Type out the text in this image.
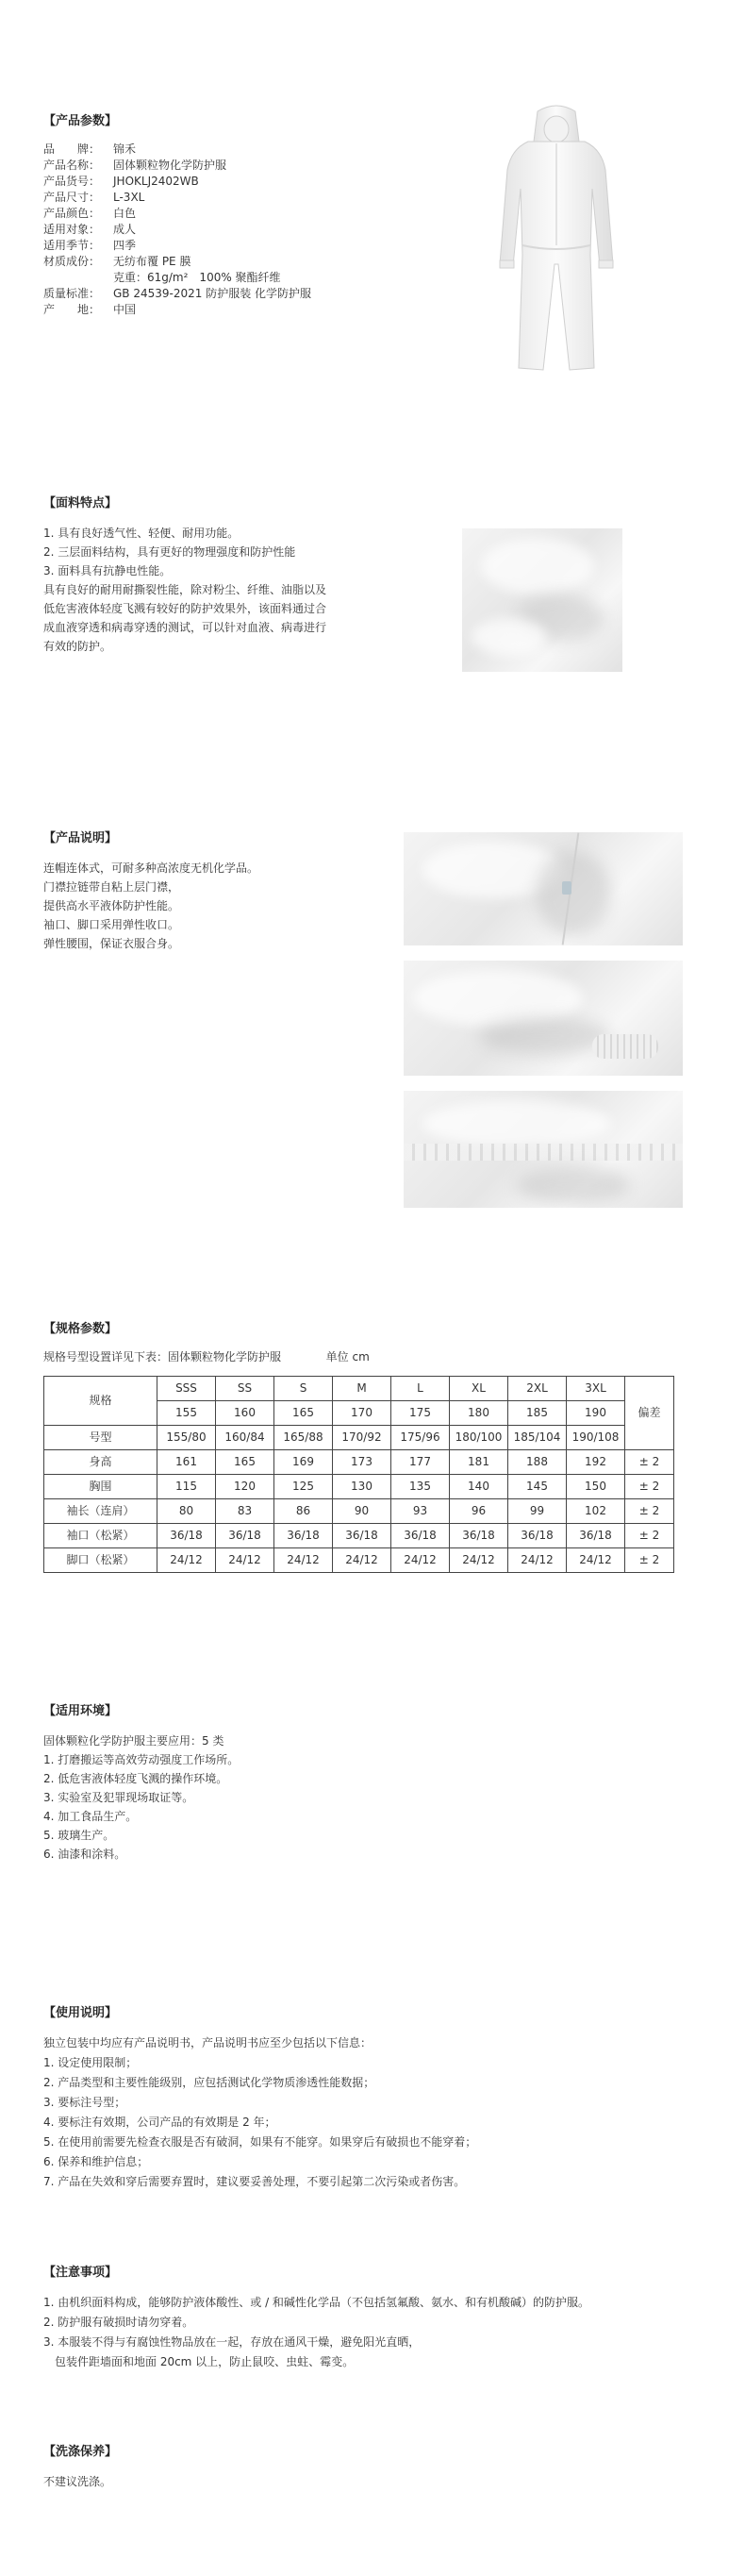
【产品参数】
品　　牌：	锦禾
产品名称：	固体颗粒物化学防护服
产品货号：	JHOKLJ2402WB
产品尺寸：	L-3XL
产品颜色：	白色
适用对象：	成人
适用季节：	四季
材质成份：	无纺布覆 PE 膜
克重：61g/m²　100% 聚酯纤维
质量标准：	GB 24539-2021 防护服装 化学防护服
产　　地：	中国
【面料特点】
1. 具有良好透气性、轻便、耐用功能。
2. 三层面料结构，具有更好的物理强度和防护性能
3. 面料具有抗静电性能。
具有良好的耐用耐撕裂性能，除对粉尘、纤维、油脂以及
低危害液体轻度飞溅有较好的防护效果外，该面料通过合
成血液穿透和病毒穿透的测试，可以针对血液、病毒进行
有效的防护。
【产品说明】
连帽连体式，可耐多种高浓度无机化学品。
门襟拉链带自粘上层门襟，
提供高水平液体防护性能。
袖口、脚口采用弹性收口。
弹性腰围，保证衣服合身。
【规格参数】
规格号型设置详见下表：固体颗粒物化学防护服	单位 cm
规格	SSS	SS	S	M	L	XL	2XL	3XL	偏差
	155	160	165	170	175	180	185	190	
号型	155/80	160/84	165/88	170/92	175/96	180/100	185/104	190/108	
身高	161	165	169	173	177	181	188	192	± 2
胸围	115	120	125	130	135	140	145	150	± 2
袖长（连肩）	80	83	86	90	93	96	99	102	± 2
袖口（松紧）	36/18	36/18	36/18	36/18	36/18	36/18	36/18	36/18	± 2
脚口（松紧）	24/12	24/12	24/12	24/12	24/12	24/12	24/12	24/12	± 2
【适用环境】
固体颗粒化学防护服主要应用：5 类
1. 打磨搬运等高效劳动强度工作场所。
2. 低危害液体轻度飞溅的操作环境。
3. 实验室及犯罪现场取证等。
4. 加工食品生产。
5. 玻璃生产。
6. 油漆和涂料。
【使用说明】
独立包装中均应有产品说明书，产品说明书应至少包括以下信息：
1. 设定使用限制；
2. 产品类型和主要性能级别，应包括测试化学物质渗透性能数据；
3. 要标注号型；
4. 要标注有效期，公司产品的有效期是 2 年；
5. 在使用前需要先检查衣服是否有破洞，如果有不能穿。如果穿后有破损也不能穿着；
6. 保养和维护信息；
7. 产品在失效和穿后需要弃置时，建议要妥善处理，不要引起第二次污染或者伤害。
【注意事项】
1. 由机织面料构成，能够防护液体酸性、或 / 和碱性化学品（不包括氢氟酸、氨水、和有机酸碱）的防护服。
2. 防护服有破损时请勿穿着。
3. 本服装不得与有腐蚀性物品放在一起，存放在通风干燥，避免阳光直晒，
　包装件距墙面和地面 20cm 以上，防止鼠咬、虫蛀、霉变。
【洗涤保养】
不建议洗涤。
